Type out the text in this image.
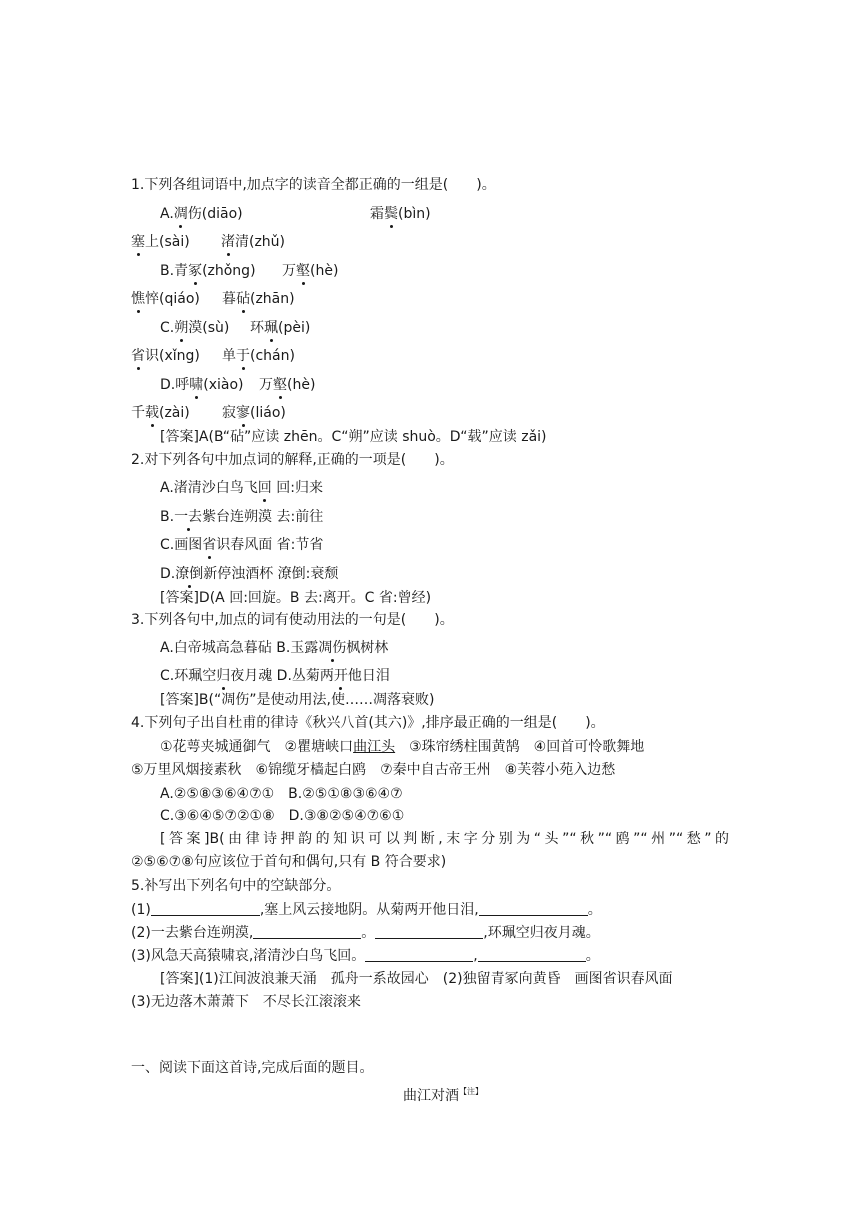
1.下列各组词语中,加点字的读音全都正确的一组是(　　)。
A.凋伤(diāo)	霜鬓(bìn)
塞上(sài) 渚清(zhǔ)
B.青冢(zhǒng) 万壑(hè)
憔悴(qiáo) 暮砧(zhān)
C.朔漠(sù) 环珮(pèi)
省识(xǐng) 单于(chán)
D.呼啸(xiào) 万壑(hè)
千载(zài) 寂寥(liáo)
[答案]A(B“砧”应读 zhēn。C“朔”应读 shuò。D“载”应读 zǎi)
2.对下列各句中加点词的解释,正确的一项是(　　)。
A.渚清沙白鸟飞回 回:归来
B.一去紫台连朔漠 去:前往
C.画图省识春风面 省:节省
D.潦倒新停浊酒杯 潦倒:衰颓
[答案]D(A 回:回旋。B 去:离开。C 省:曾经)
3.下列各句中,加点的词有使动用法的一句是(　　)。
A.白帝城高急暮砧 B.玉露凋伤枫树林
C.环珮空归夜月魂 D.丛菊两开他日泪
[答案]B(“凋伤”是使动用法,使……凋落衰败)
4.下列句子出自杜甫的律诗《秋兴八首(其六)》,排序最正确的一组是(　　)。
①花萼夹城通御气　②瞿塘峡口曲江头　③珠帘绣柱围黄鹄　④回首可怜歌舞地
⑤万里风烟接素秋　⑥锦缆牙樯起白鸥　⑦秦中自古帝王州　⑧芙蓉小苑入边愁
A.②⑤⑧③⑥④⑦①　B.②⑤①⑧③⑥④⑦
C.③⑥④⑤⑦②①⑧　D.③⑧②⑤④⑦⑥①
[答案]B(由律诗押韵的知识可以判断,末字分别为“头”“秋”“鸥”“州”“愁”的
②⑤⑥⑦⑧句应该位于首句和偶句,只有 B 符合要求)
5.补写出下列名句中的空缺部分。
(1)	,塞上风云接地阴。从菊两开他日泪,	。
(2)一去紫台连朔漠,	。	,环珮空归夜月魂。
(3)风急天高猿啸哀,渚清沙白鸟飞回。	,	。
[答案](1)江间波浪兼天涌　孤舟一系故园心　(2)独留青冢向黄昏　画图省识春风面
(3)无边落木萧萧下　不尽长江滚滚来
一、阅读下面这首诗,完成后面的题目。
曲江对酒$^{【注】}$
